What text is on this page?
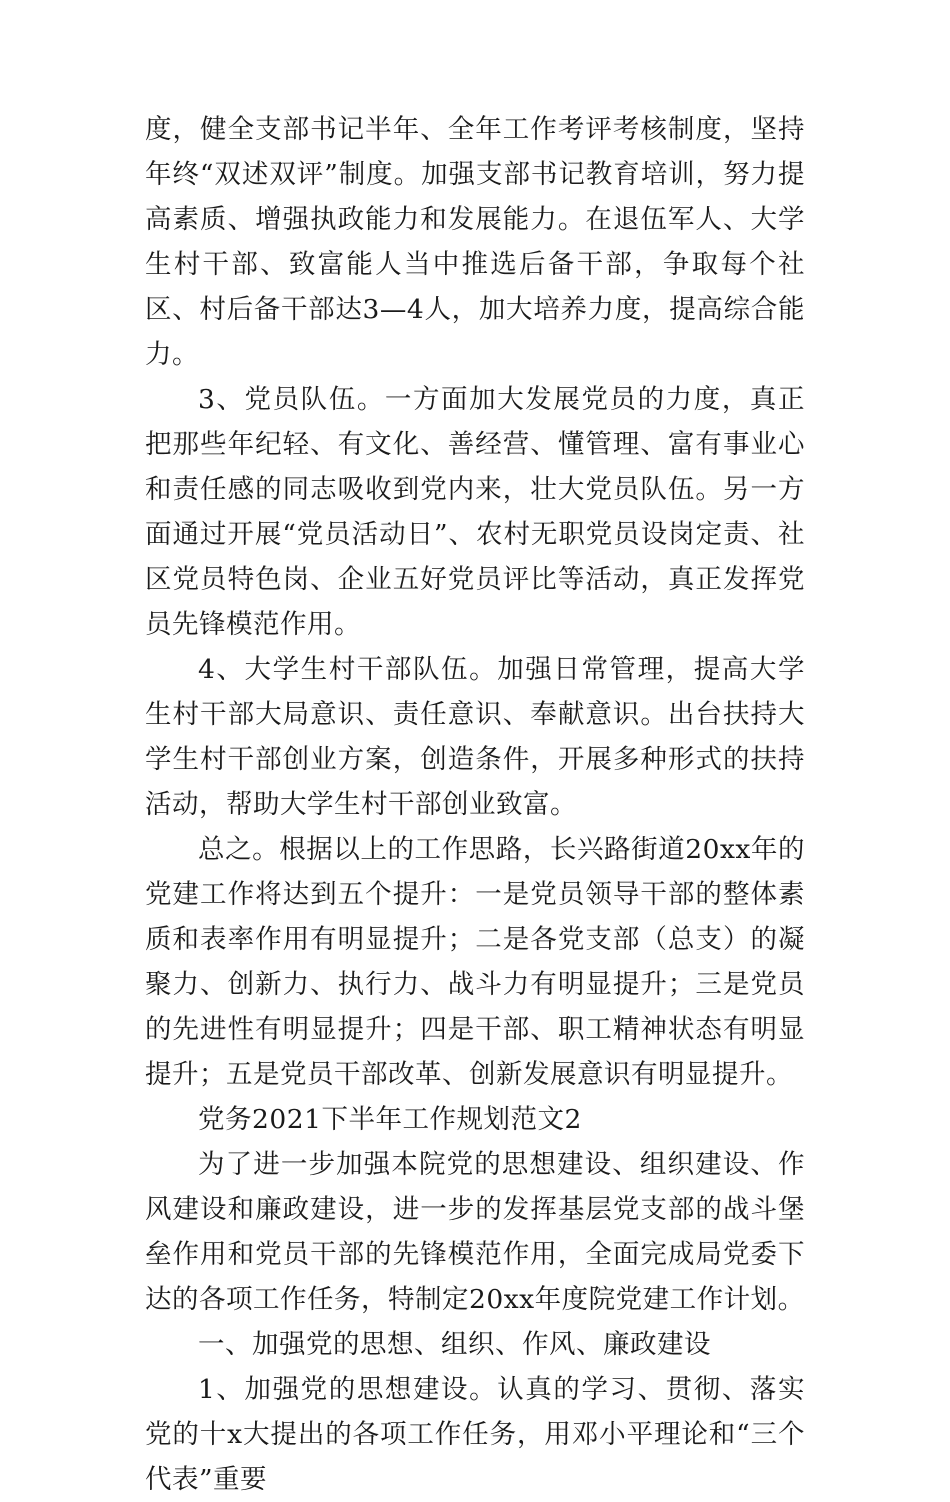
度，健全支部书记半年、全年工作考评考核制度，坚持年终“双述双评”制度。加强支部书记教育培训，努力提高素质、增强执政能力和发展能力。在退伍军人、大学生村干部、致富能人当中推选后备干部，争取每个社区、村后备干部达3—4人，加大培养力度，提高综合能力。

3、党员队伍。一方面加大发展党员的力度，真正把那些年纪轻、有文化、善经营、懂管理、富有事业心和责任感的同志吸收到党内来，壮大党员队伍。另一方面通过开展“党员活动日”、农村无职党员设岗定责、社区党员特色岗、企业五好党员评比等活动，真正发挥党员先锋模范作用。

4、大学生村干部队伍。加强日常管理，提高大学生村干部大局意识、责任意识、奉献意识。出台扶持大学生村干部创业方案，创造条件，开展多种形式的扶持活动，帮助大学生村干部创业致富。

总之。根据以上的工作思路，长兴路街道20xx年的党建工作将达到五个提升：一是党员领导干部的整体素质和表率作用有明显提升；二是各党支部（总支）的凝聚力、创新力、执行力、战斗力有明显提升；三是党员的先进性有明显提升；四是干部、职工精神状态有明显提升；五是党员干部改革、创新发展意识有明显提升。

党务2021下半年工作规划范文2

为了进一步加强本院党的思想建设、组织建设、作风建设和廉政建设，进一步的发挥基层党支部的战斗堡垒作用和党员干部的先锋模范作用，全面完成局党委下达的各项工作任务，特制定20xx年度院党建工作计划。

一、加强党的思想、组织、作风、廉政建设

1、加强党的思想建设。认真的学习、贯彻、落实党的十x大提出的各项工作任务，用邓小平理论和“三个代表”重要
